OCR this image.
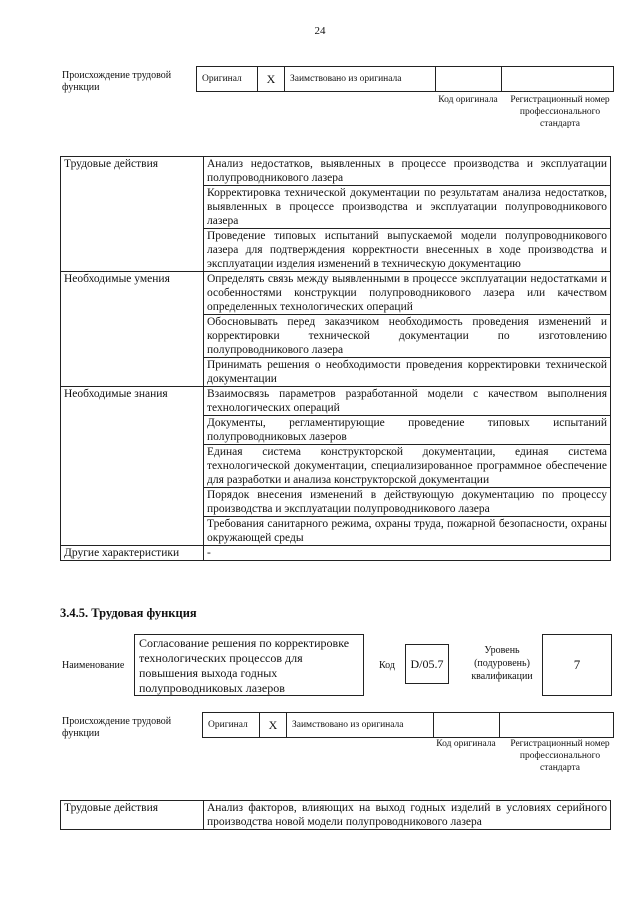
24
Происхождение трудовой функции
Оригинал	X	Заимствовано из оригинала		
Код оригинала Регистрационный номер профессионального стандарта
Трудовые действия	Анализ недостатков, выявленных в процессе производства и эксплуатации полупроводникового лазера
	Корректировка технической документации по результатам анализа недостатков, выявленных в процессе производства и эксплуатации полупроводникового лазера
	Проведение типовых испытаний выпускаемой модели полупроводникового лазера для подтверждения корректности внесенных в ходе производства и эксплуатации изделия изменений в техническую документацию
Необходимые умения	Определять связь между выявленными в процессе эксплуатации недостатками и особенностями конструкции полупроводникового лазера или качеством определенных технологических операций
	Обосновывать перед заказчиком необходимость проведения изменений и корректировки технической документации по изготовлению полупроводникового лазера
	Принимать решения о необходимости проведения корректировки технической документации
Необходимые знания	Взаимосвязь параметров разработанной модели с качеством выполнения технологических операций
	Документы, регламентирующие проведение типовых испытаний полупроводниковых лазеров
	Единая система конструкторской документации, единая система технологической документации, специализированное программное обеспечение для разработки и анализа конструкторской документации
	Порядок внесения изменений в действующую документацию по процессу производства и эксплуатации полупроводникового лазера
	Требования санитарного режима, охраны труда, пожарной безопасности, охраны окружающей среды
Другие характеристики	-
3.4.5. Трудовая функция
Наименование
Согласование решения по корректировке технологических процессов для повышения выхода годных полупроводниковых лазеров
Код	D/05.7
Уровень (подуровень) квалификации
7
Происхождение трудовой функции
Оригинал	X	Заимствовано из оригинала		
Код оригинала Регистрационный номер профессионального стандарта
Трудовые действия	Анализ факторов, влияющих на выход годных изделий в условиях серийного производства новой модели полупроводникового лазера
